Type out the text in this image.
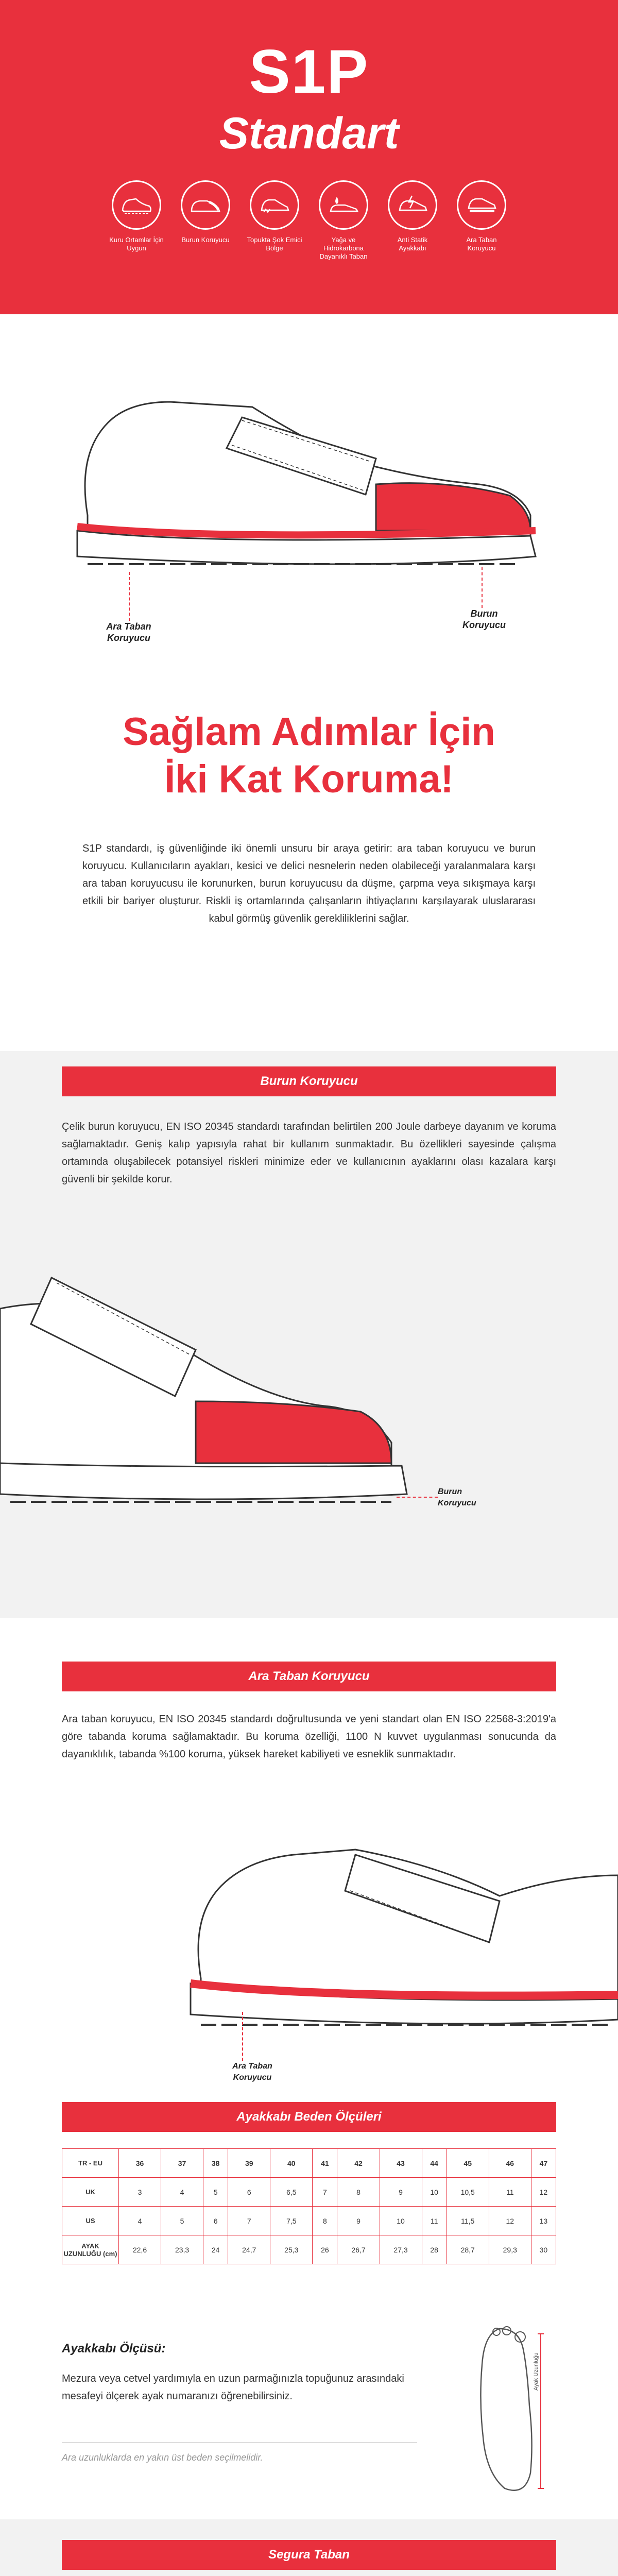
S1P
Standart
Kuru Ortamlar İçin Uygun
Burun Koruyucu	Topukta Şok Emici Bölge
Yağa ve Hidrokarbona Dayanıklı Taban
Anti Statik Ayakkabı
Ara Taban Koruyucu
Ara Taban
Koruyucu
Burun
Koruyucu
Sağlam Adımlar İçin
İki Kat Koruma!

S1P standardı, iş güvenliğinde iki önemli unsuru bir araya getirir: ara taban koruyucu ve burun koruyucu. Kullanıcıların ayakları, kesici ve delici nesnelerin neden olabileceği yaralanmalara karşı ara taban koruyucusu ile korunurken, burun koruyucusu da düşme, çarpma veya sıkışmaya karşı etkili bir bariyer oluşturur. Riskli iş ortamlarında çalışanların ihtiyaçlarını karşılayarak uluslararası kabul görmüş güvenlik gerekliliklerini sağlar.

Burun Koruyucu

Çelik burun koruyucu, EN ISO 20345 standardı tarafından belirtilen 200 Joule darbeye dayanım ve koruma sağlamaktadır. Geniş kalıp yapısıyla rahat bir kullanım sunmaktadır. Bu özellikleri sayesinde çalışma ortamında oluşabilecek potansiyel riskleri minimize eder ve kullanıcının ayaklarını olası kazalara karşı güvenli bir şekilde korur.

Burun
Koruyucu
Ara Taban Koruyucu

Ara taban koruyucu, EN ISO 20345 standardı doğrultusunda ve yeni standart olan EN ISO 22568-3:2019'a göre tabanda koruma sağlamaktadır. Bu koruma özelliği, 1100 N kuvvet uygulanması sonucunda da dayanıklılık, tabanda %100 koruma, yüksek hareket kabiliyeti ve esneklik sunmaktadır.

Ara Taban
Koruyucu
Ayakkabı Beden Ölçüleri
TR - EU	36	37	38	39	40	41	42	43	44	45	46	47
UK	3	4	5	6	6,5	7	8	9	10	10,5	11	12
US	4	5	6	7	7,5	8	9	10	11	11,5	12	13
AYAK UZUNLUĞU (cm)	22,6	23,3	24	24,7	25,3	26	26,7	27,3	28	28,7	29,3	30
Ayakkabı Ölçüsü:

Mezura veya cetvel yardımıyla en uzun parmağınızla topuğunuz arasındaki mesafeyi ölçerek ayak numaranızı öğrenebilirsiniz.

Ara uzunluklarda en yakın üst beden seçilmelidir.
Ayak Uzunluğu
Segura Taban
